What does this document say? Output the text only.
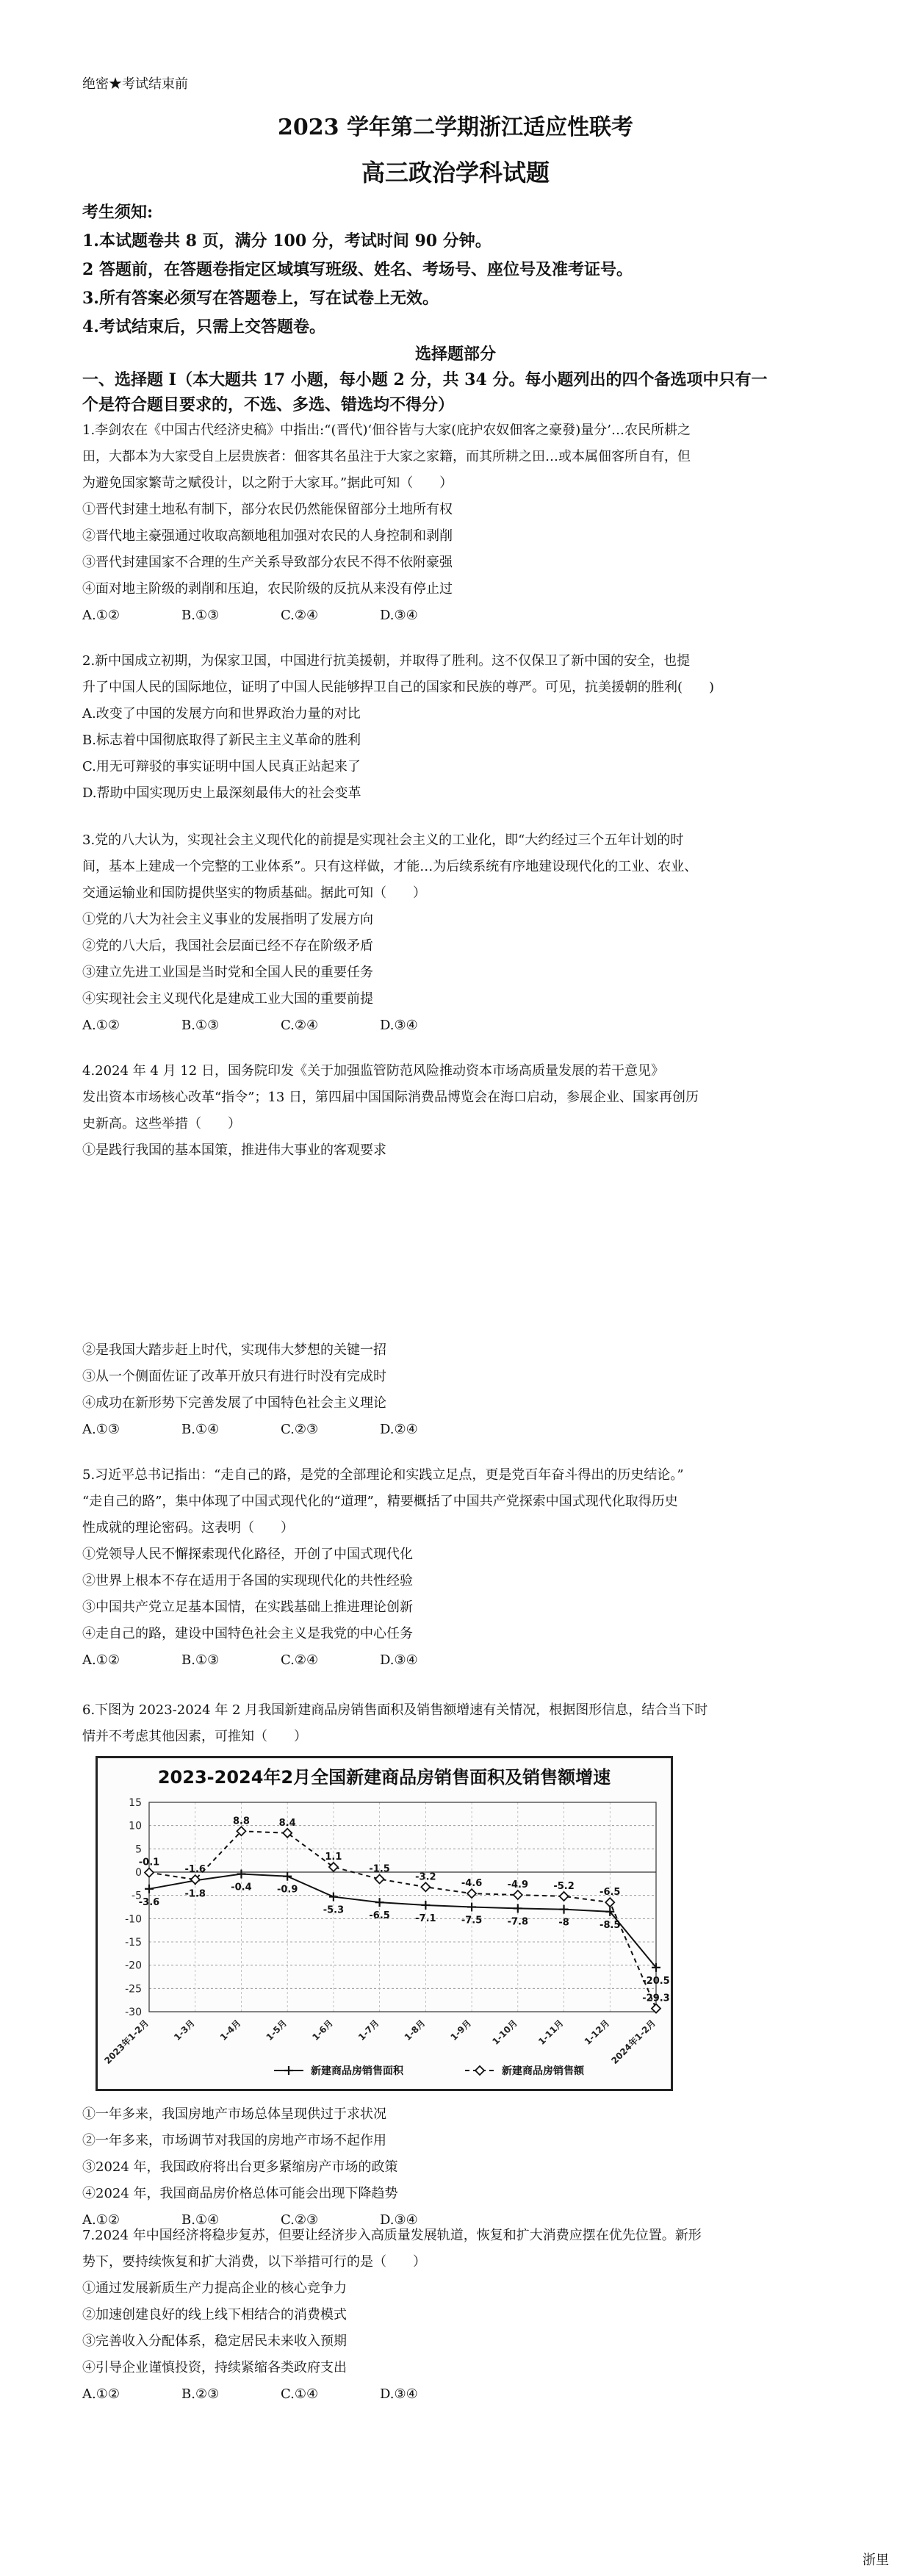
绝密★考试结束前
2023 学年第二学期浙江适应性联考
高三政治学科试题
考生须知:
1.本试题卷共 8 页，满分 100 分，考试时间 90 分钟。
2 答题前，在答题卷指定区域填写班级、姓名、考场号、座位号及准考证号。
3.所有答案必须写在答题卷上，写在试卷上无效。
4.考试结束后，只需上交答题卷。
选择题部分
一、选择题 I（本大题共 17 小题，每小题 2 分，共 34 分。每小题列出的四个备选项中只有一
个是符合题目要求的，不选、多选、错选均不得分）

1.李剑农在《中国古代经济史稿》中指出:“(晋代)‘佃谷皆与大家(庇护农奴佃客之豪發)量分’…农民所耕之

田，大都本为大家受自上层贵族者：佃客其名虽注于大家之家籍，而其所耕之田…或本属佃客所自有，但

为避免国家繁苛之赋役计，以之附于大家耳。”据此可知（　　）

①晋代封建土地私有制下，部分农民仍然能保留部分土地所有权

②晋代地主豪强通过收取高额地租加强对农民的人身控制和剥削

③晋代封建国家不合理的生产关系导致部分农民不得不依附豪强

④面对地主阶级的剥削和压迫，农民阶级的反抗从来没有停止过

A.①②	B.①③	C.②④	D.③④

2.新中国成立初期，为保家卫国，中国进行抗美援朝，并取得了胜利。这不仅保卫了新中国的安全，也提

升了中国人民的国际地位，证明了中国人民能够捍卫自己的国家和民族的尊严。可见，抗美援朝的胜利(　　)

A.改变了中国的发展方向和世界政治力量的对比

B.标志着中国彻底取得了新民主主义革命的胜利

C.用无可辩驳的事实证明中国人民真正站起来了

D.帮助中国实现历史上最深刻最伟大的社会变革

3.党的八大认为，实现社会主义现代化的前提是实现社会主义的工业化，即“大约经过三个五年计划的时

间，基本上建成一个完整的工业体系”。只有这样做，才能…为后续系统有序地建设现代化的工业、农业、

交通运输业和国防提供坚实的物质基础。据此可知（　　）

①党的八大为社会主义事业的发展指明了发展方向

②党的八大后，我国社会层面已经不存在阶级矛盾

③建立先进工业国是当时党和全国人民的重要任务

④实现社会主义现代化是建成工业大国的重要前提

A.①②	B.①③	C.②④	D.③④

4.2024 年 4 月 12 日，国务院印发《关于加强监管防范风险推动资本市场高质量发展的若干意见》

发出资本市场核心改革“指令”；13 日，第四届中国国际消费品博览会在海口启动，参展企业、国家再创历

史新高。这些举措（　　）

①是践行我国的基本国策，推进伟大事业的客观要求

②是我国大踏步赶上时代，实现伟大梦想的关键一招

③从一个侧面佐证了改革开放只有进行时没有完成时

④成功在新形势下完善发展了中国特色社会主义理论

A.①③	B.①④	C.②③	D.②④

5.习近平总书记指出：“走自己的路，是党的全部理论和实践立足点，更是党百年奋斗得出的历史结论。”

“走自己的路”，集中体现了中国式现代化的“道理”，精要概括了中国共产党探索中国式现代化取得历史

性成就的理论密码。这表明（　　）

①党领导人民不懈探索现代化路径，开创了中国式现代化

②世界上根本不存在适用于各国的实现现代化的共性经验

③中国共产党立足基本国情，在实践基础上推进理论创新

④走自己的路，建设中国特色社会主义是我党的中心任务

A.①②	B.①③	C.②④	D.③④

6.下图为 2023-2024 年 2 月我国新建商品房销售面积及销售额增速有关情况，根据图形信息，结合当下时

情并不考虑其他因素，可推知（　　）

2023-2024年2月全国新建商品房销售面积及销售额增速
15
10
5
0
-5
-10
-15
-20
-25
-30
2023年1-2月 1-3月 1-4月 1-5月 1-6月 1-7月 1-8月 1-9月 1-10月 1-11月 1-12月
2024年1-2月
-3.6
-1.8
-0.4	-0.9
-5.3
-6.5	-7.1	-7.5	-7.8	-8	-8.5
-20.5
-0.1
-1.6
8.8	8.4
1.1
-1.5
-3.2
-4.6	-4.9	-5.2
-6.5
-29.3
新建商品房销售面积	新建商品房销售额

①一年多来，我国房地产市场总体呈现供过于求状况

②一年多来，市场调节对我国的房地产市场不起作用

③2024 年，我国政府将出台更多紧缩房产市场的政策

④2024 年，我国商品房价格总体可能会出现下降趋势

A.①②	B.①④	C.②③	D.③④

7.2024 年中国经济将稳步复苏，但要让经济步入高质量发展轨道，恢复和扩大消费应摆在优先位置。新形

势下，要持续恢复和扩大消费，以下举措可行的是（　　）

①通过发展新质生产力提高企业的核心竞争力

②加速创建良好的线上线下相结合的消费模式

③完善收入分配体系，稳定居民未来收入预期

④引导企业谨慎投资，持续紧缩各类政府支出

A.①②	B.②③	C.①④	D.③④
浙里
